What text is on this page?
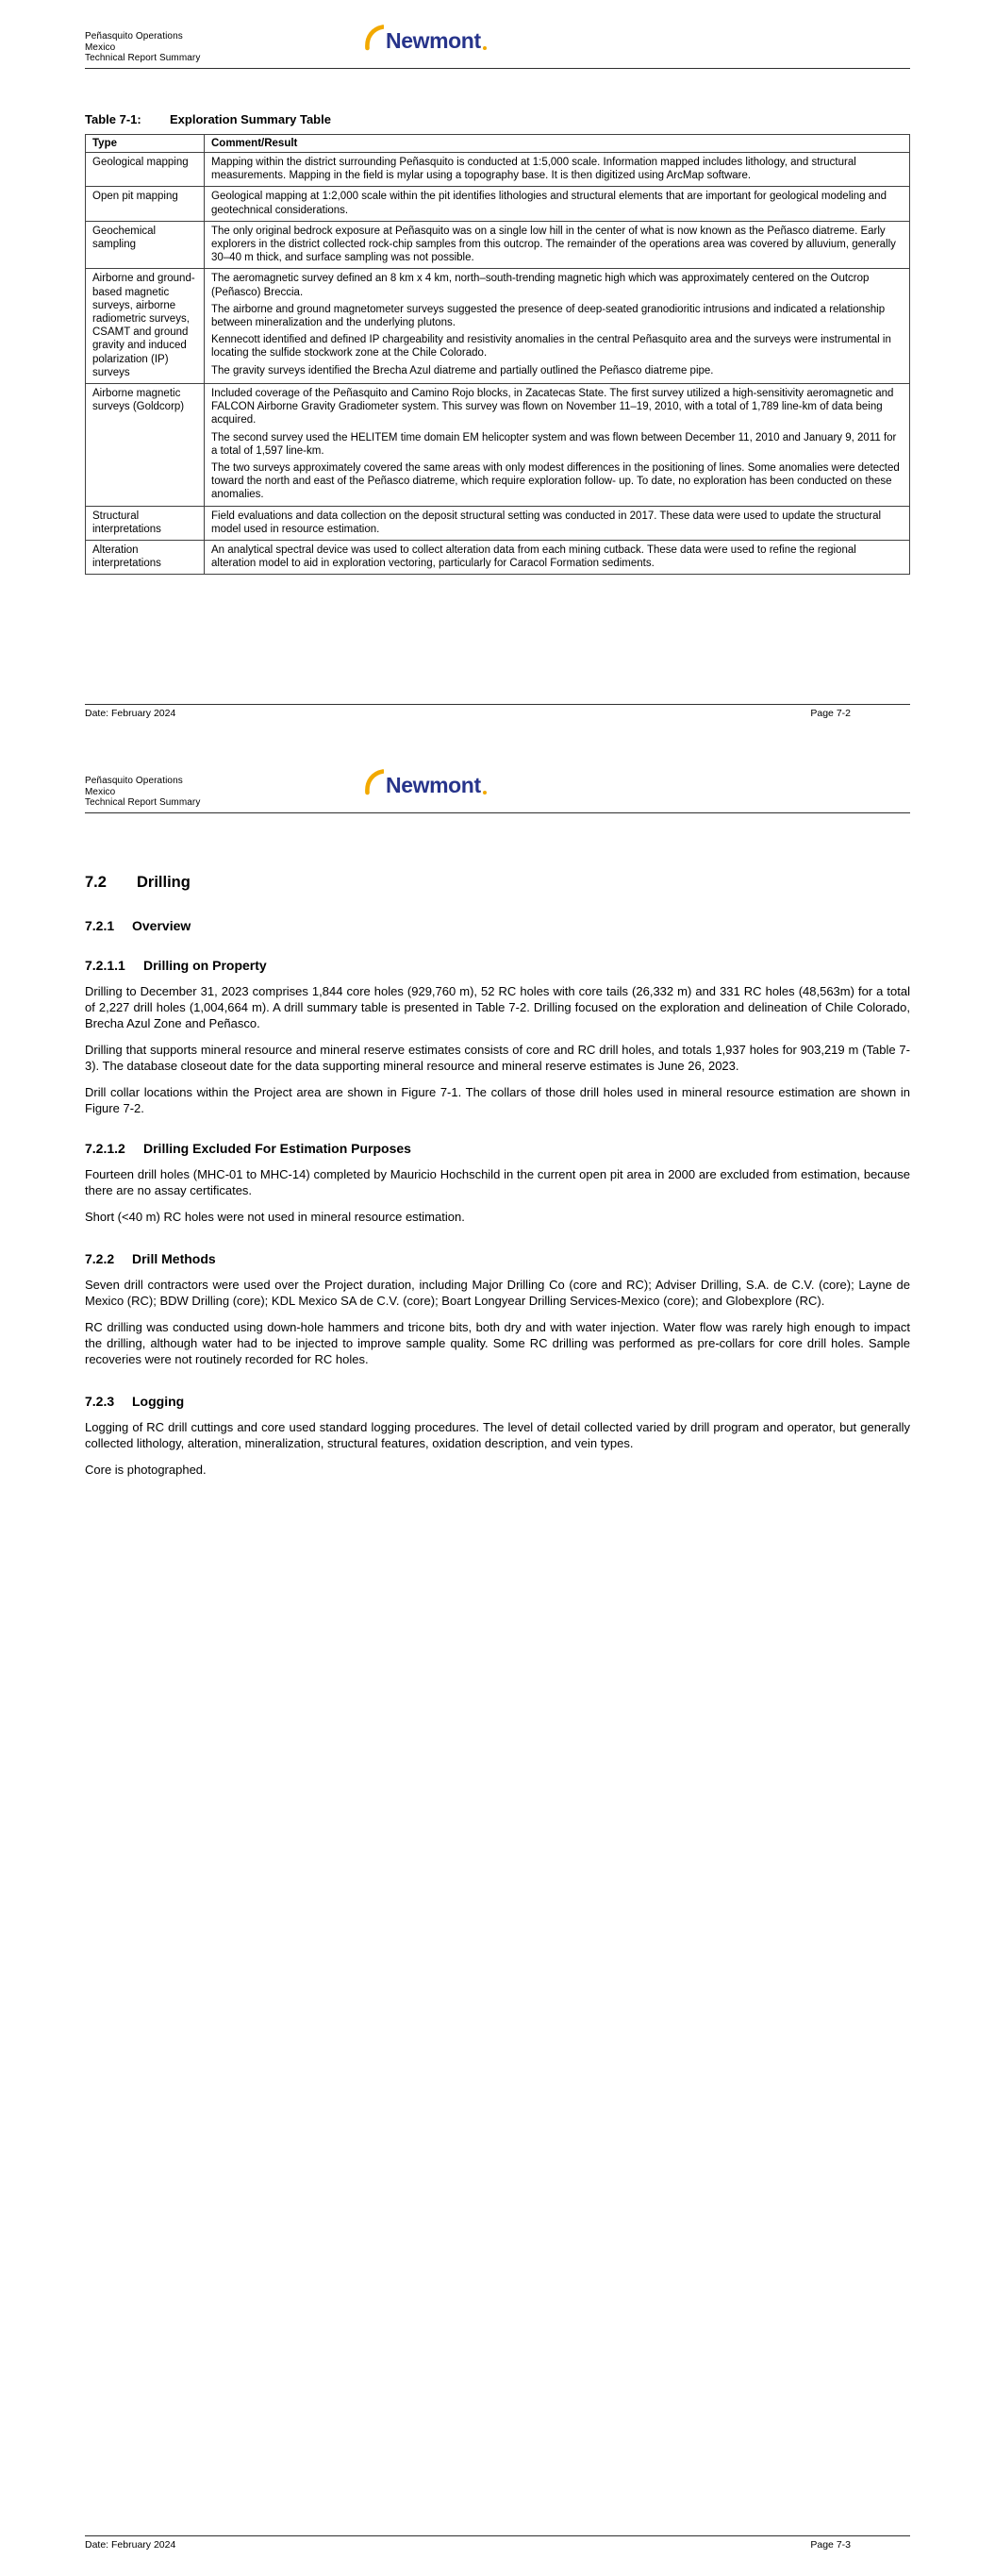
Peñasquito Operations
Mexico
Technical Report Summary
Newmont
Table 7-1:	Exploration Summary Table
Type	Comment/Result
Geological mapping	Mapping within the district surrounding Peñasquito is conducted at 1:5,000 scale. Information mapped includes lithology, and structural measurements. Mapping in the field is mylar using a topography base. It is then digitized using ArcMap software.

Open pit mapping	Geological mapping at 1:2,000 scale within the pit identifies lithologies and structural elements that are important for geological modeling and geotechnical considerations.

Geochemical sampling	The only original bedrock exposure at Peñasquito was on a single low hill in the center of what is now known as the Peñasco diatreme. Early explorers in the district collected rock-chip samples from this outcrop. The remainder of the operations area was covered by alluvium, generally 30–40 m thick, and surface sampling was not possible.

Airborne and ground- based magnetic surveys, airborne radiometric surveys, CSAMT and ground gravity and induced polarization (IP) surveys	The aeromagnetic survey defined an 8 km x 4 km, north–south-trending magnetic high which was approximately centered on the Outcrop (Peñasco) Breccia.

The airborne and ground magnetometer surveys suggested the presence of deep-seated granodioritic intrusions and indicated a relationship between mineralization and the underlying plutons.

Kennecott identified and defined IP chargeability and resistivity anomalies in the central Peñasquito area and the surveys were instrumental in locating the sulfide stockwork zone at the Chile Colorado.

The gravity surveys identified the Brecha Azul diatreme and partially outlined the Peñasco diatreme pipe.

Airborne magnetic surveys (Goldcorp)	Included coverage of the Peñasquito and Camino Rojo blocks, in Zacatecas State. The first survey utilized a high-sensitivity aeromagnetic and FALCON Airborne Gravity Gradiometer system. This survey was flown on November 11–19, 2010, with a total of 1,789 line-km of data being acquired.

The second survey used the HELITEM time domain EM helicopter system and was flown between December 11, 2010 and January 9, 2011 for a total of 1,597 line-km.

The two surveys approximately covered the same areas with only modest differences in the positioning of lines. Some anomalies were detected toward the north and east of the Peñasco diatreme, which require exploration follow- up. To date, no exploration has been conducted on these anomalies.

Structural interpretations	Field evaluations and data collection on the deposit structural setting was conducted in 2017. These data were used to update the structural model used in resource estimation.

Alteration interpretations	An analytical spectral device was used to collect alteration data from each mining cutback. These data were used to refine the regional alteration model to aid in exploration vectoring, particularly for Caracol Formation sediments.

Date: February 2024	Page 7-2
Peñasquito Operations
Mexico
Technical Report Summary
Newmont
7.2	Drilling
7.2.1	Overview
7.2.1.1	Drilling on Property

Drilling to December 31, 2023 comprises 1,844 core holes (929,760 m), 52 RC holes with core tails (26,332 m) and 331 RC holes (48,563m) for a total of 2,227 drill holes (1,004,664 m). A drill summary table is presented in Table 7-2. Drilling focused on the exploration and delineation of Chile Colorado, Brecha Azul Zone and Peñasco.

Drilling that supports mineral resource and mineral reserve estimates consists of core and RC drill holes, and totals 1,937 holes for 903,219 m (Table 7-3). The database closeout date for the data supporting mineral resource and mineral reserve estimates is June 26, 2023.

Drill collar locations within the Project area are shown in Figure 7-1. The collars of those drill holes used in mineral resource estimation are shown in Figure 7-2.

7.2.1.2	Drilling Excluded For Estimation Purposes

Fourteen drill holes (MHC-01 to MHC-14) completed by Mauricio Hochschild in the current open pit area in 2000 are excluded from estimation, because there are no assay certificates.

Short (<40 m) RC holes were not used in mineral resource estimation.

7.2.2	Drill Methods

Seven drill contractors were used over the Project duration, including Major Drilling Co (core and RC); Adviser Drilling, S.A. de C.V. (core); Layne de Mexico (RC); BDW Drilling (core); KDL Mexico SA de C.V. (core); Boart Longyear Drilling Services-Mexico (core); and Globexplore (RC).

RC drilling was conducted using down-hole hammers and tricone bits, both dry and with water injection. Water flow was rarely high enough to impact the drilling, although water had to be injected to improve sample quality. Some RC drilling was performed as pre-collars for core drill holes. Sample recoveries were not routinely recorded for RC holes.

7.2.3	Logging

Logging of RC drill cuttings and core used standard logging procedures. The level of detail collected varied by drill program and operator, but generally collected lithology, alteration, mineralization, structural features, oxidation description, and vein types.

Core is photographed.

Date: February 2024	Page 7-3
